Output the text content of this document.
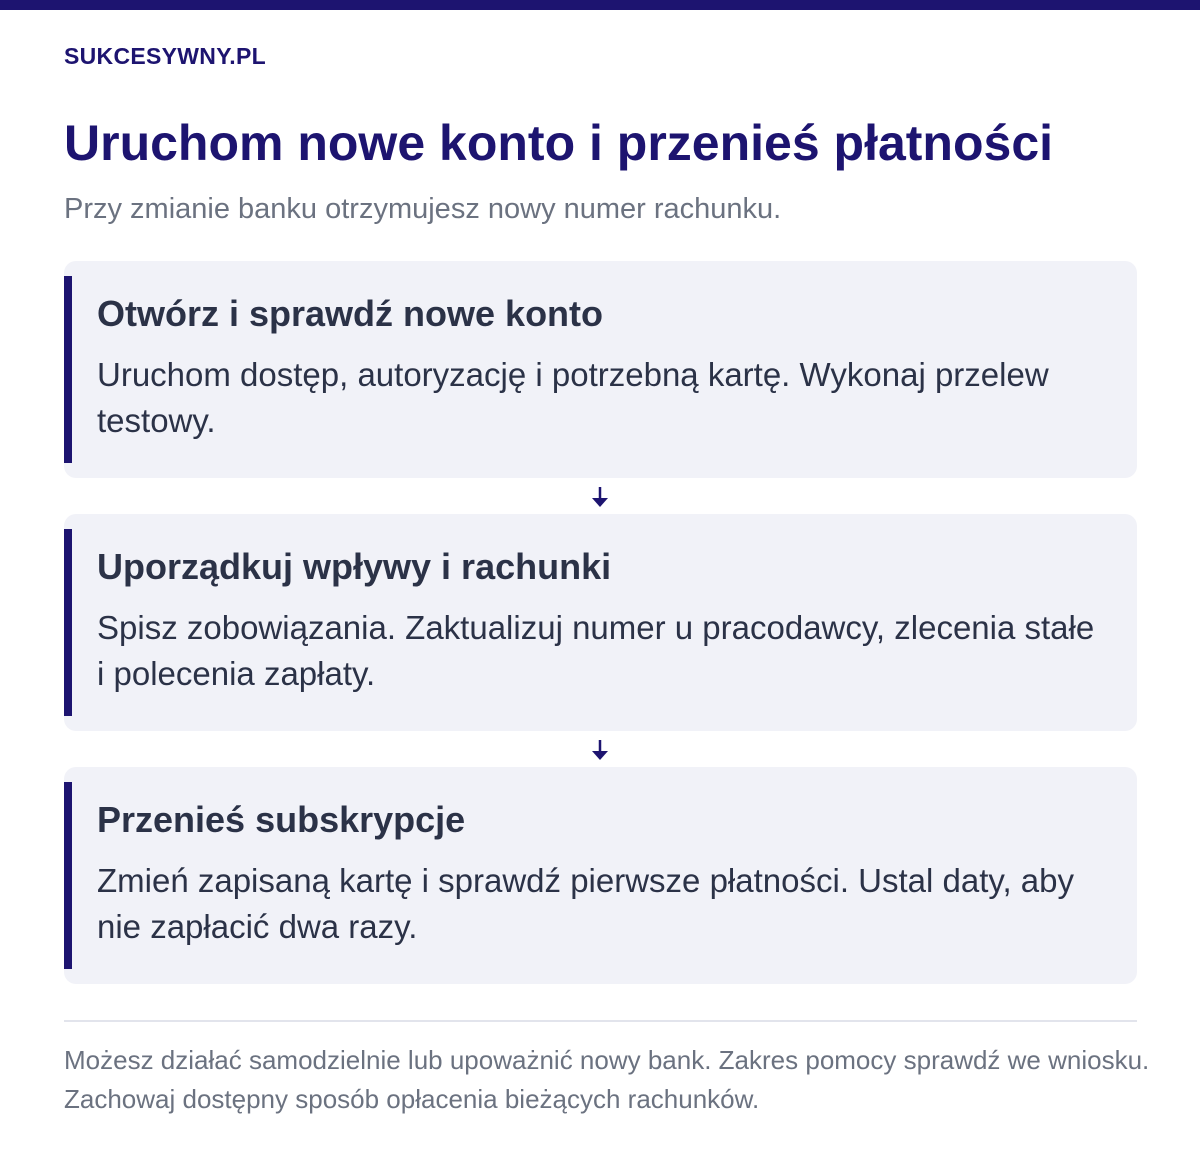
SUKCESYWNY.PL
Uruchom nowe konto i przenieś płatności

Przy zmianie banku otrzymujesz nowy numer rachunku.

Otwórz i sprawdź nowe konto

Uruchom dostęp, autoryzację i potrzebną kartę. Wykonaj przelew testowy.

Uporządkuj wpływy i rachunki

Spisz zobowiązania. Zaktualizuj numer u pracodawcy, zlecenia stałe i polecenia zapłaty.

Przenieś subskrypcje

Zmień zapisaną kartę i sprawdź pierwsze płatności. Ustal daty, aby nie zapłacić dwa razy.

Możesz działać samodzielnie lub upoważnić nowy bank. Zakres pomocy sprawdź we wniosku. Zachowaj dostępny sposób opłacenia bieżących rachunków.
